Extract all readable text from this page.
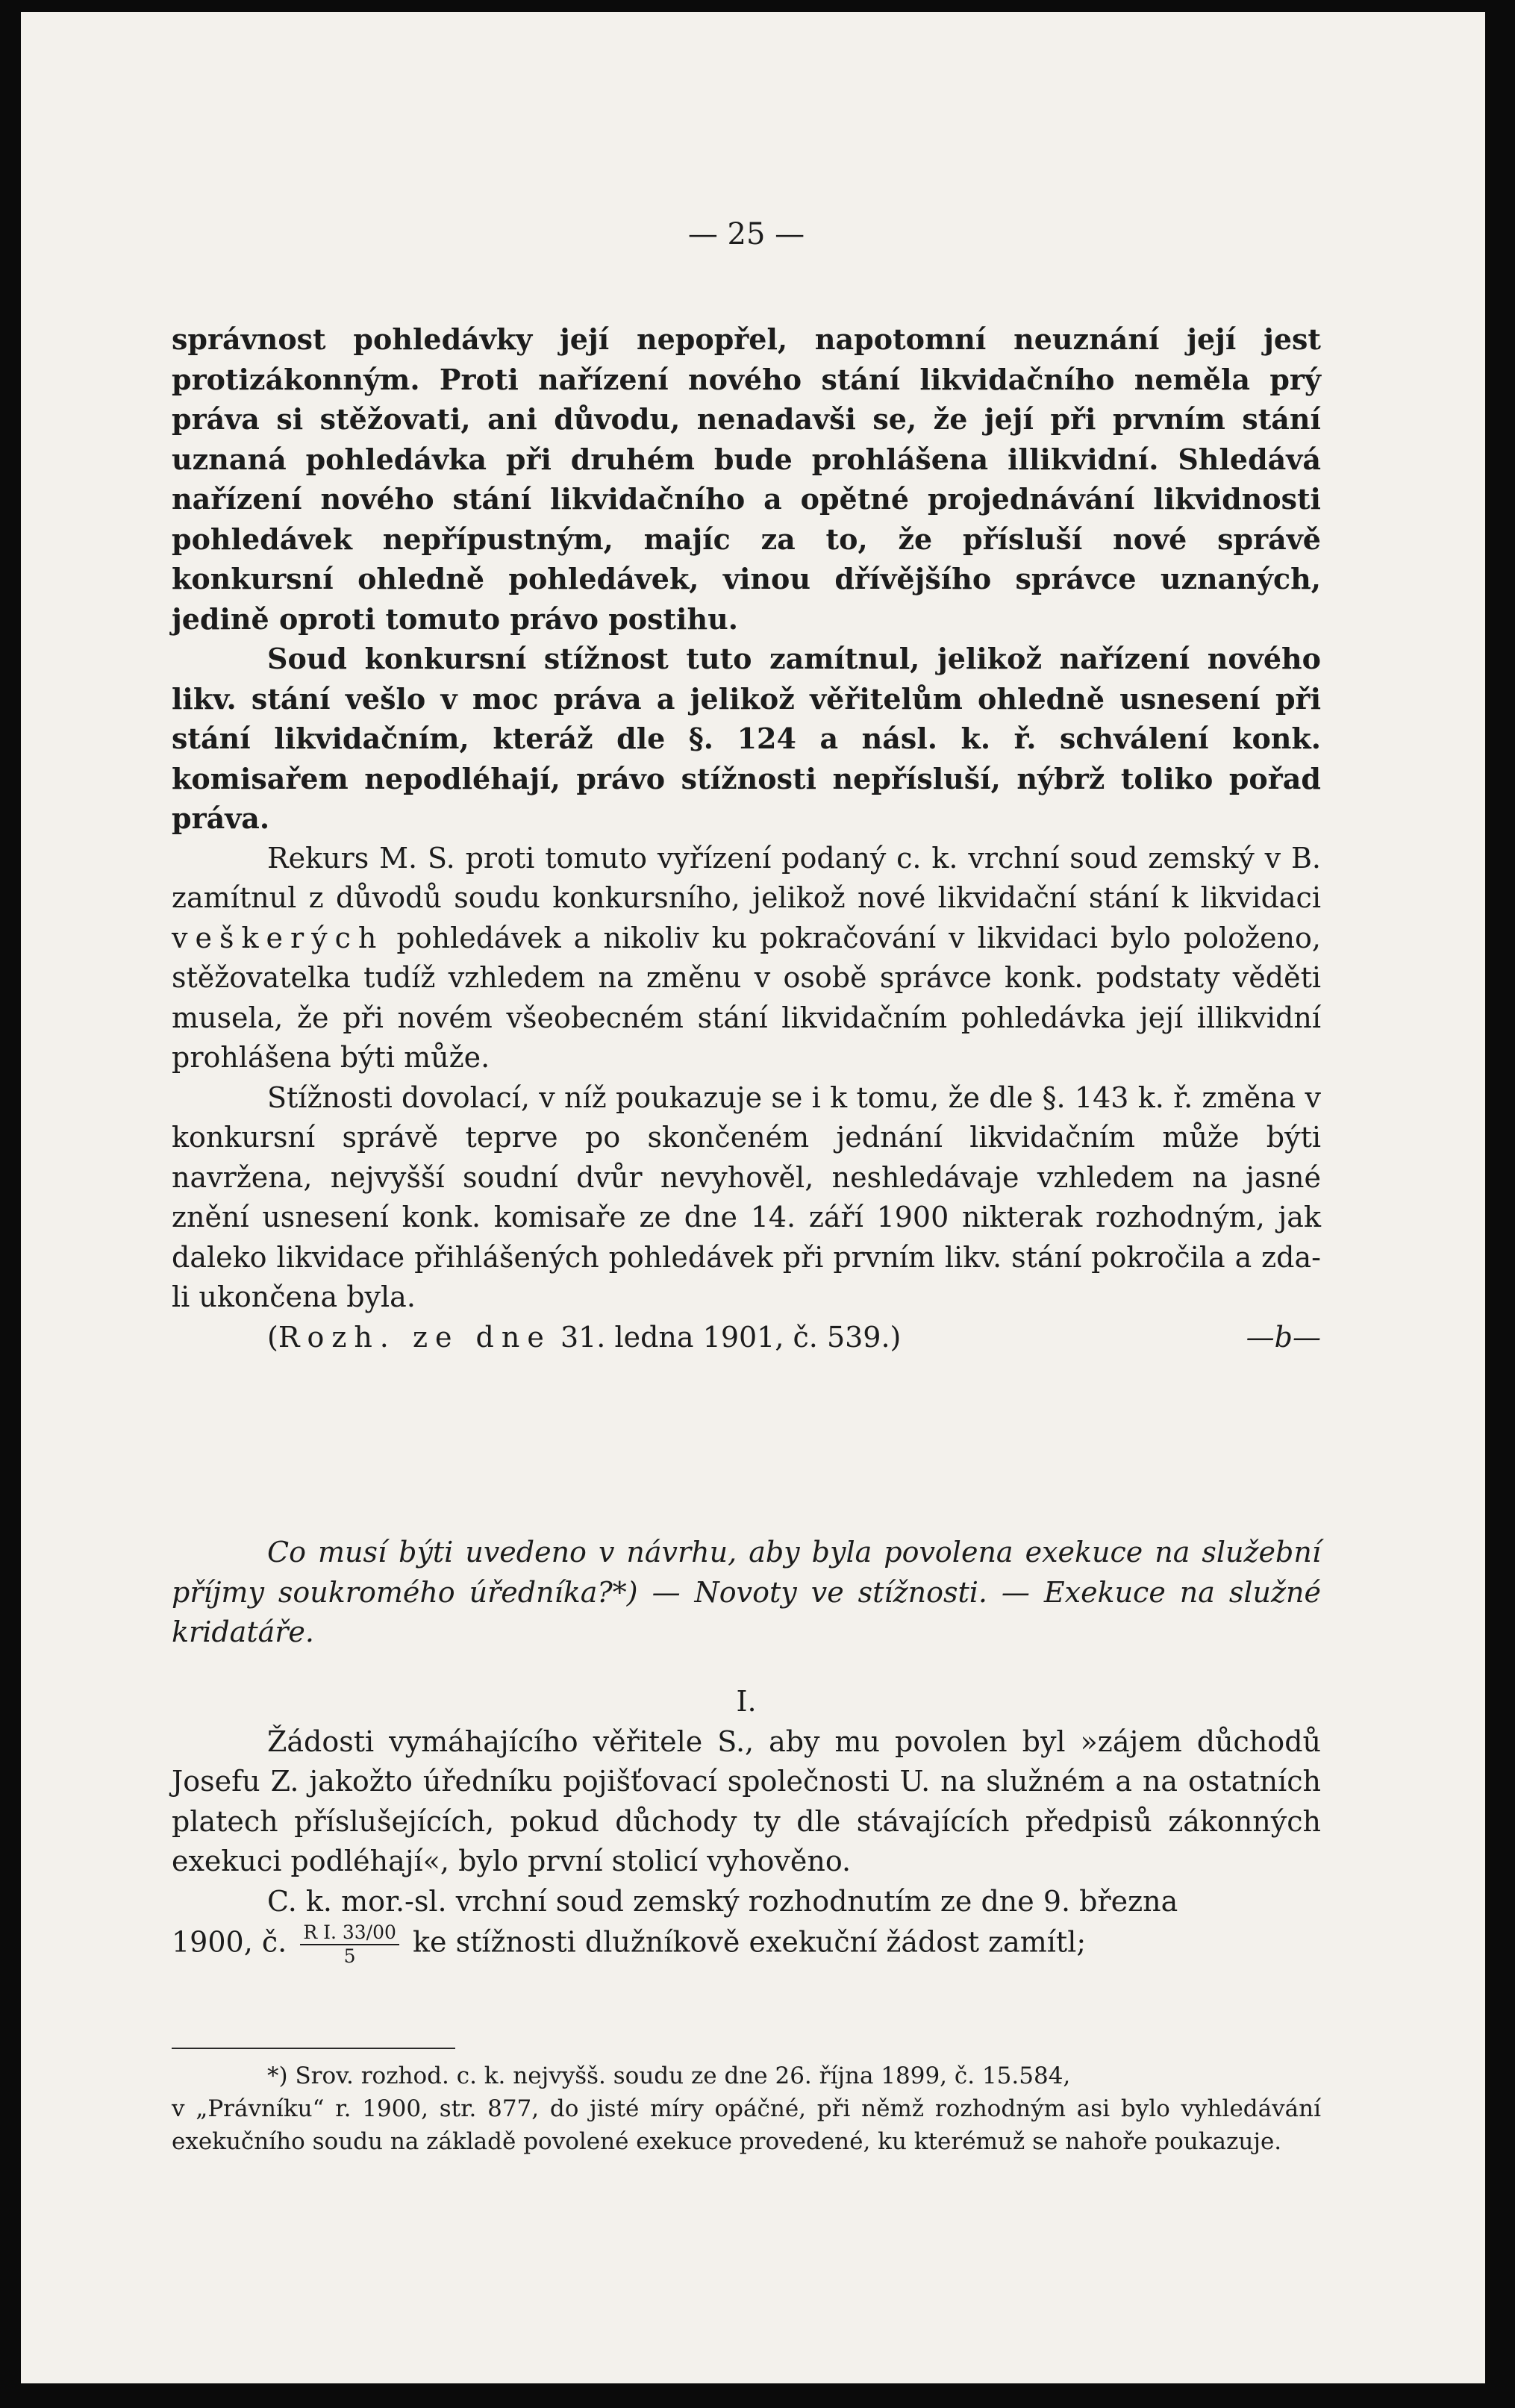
— 25 —

správnost pohledávky její nepopřel, napotomní neuznání její jest protizákonným. Proti nařízení nového stání likvidačního neměla prý práva si stěžovati, ani důvodu, nenadavši se, že její při prvním stání uznaná pohledávka při druhém bude prohlášena illikvidní. Shledává nařízení nového stání likvidačního a opětné projednávání likvidnosti pohledávek nepřípustným, majíc za to, že přísluší nové správě konkursní ohledně pohledávek, vinou dřívějšího správce uznaných, jedině oproti tomuto právo postihu.

Soud konkursní stížnost tuto zamítnul, jelikož nařízení nového likv. stání vešlo v moc práva a jelikož věřitelům ohledně usnesení při stání likvidačním, kteráž dle §. 124 a násl. k. ř. schválení konk. komisařem nepodléhají, právo stížnosti nepřísluší, nýbrž toliko pořad práva.

Rekurs M. S. proti tomuto vyřízení podaný c. k. vrchní soud zemský v B. zamítnul z důvodů soudu konkursního, jelikož nové likvidační stání k likvidaci veškerých pohledávek a nikoliv ku pokračování v likvidaci bylo položeno, stěžovatelka tudíž vzhledem na změnu v osobě správce konk. podstaty věděti musela, že při novém všeobecném stání likvidačním pohledávka její illikvidní prohlášena býti může.

Stížnosti dovolací, v níž poukazuje se i k tomu, že dle §. 143 k. ř. změna v konkursní správě teprve po skončeném jednání likvidačním může býti navržena, nejvyšší soudní dvůr nevyhověl, neshledávaje vzhledem na jasné znění usnesení konk. komisaře ze dne 14. září 1900 nikterak rozhodným, jak daleko likvidace přihlášených pohledávek při prvním likv. stání pokročila a zda-li ukončena byla.

(Rozh. ze dne 31. ledna 1901, č. 539.)	—b—

Co musí býti uvedeno v návrhu, aby byla povolena exekuce na služební příjmy soukromého úředníka?*) — Novoty ve stížnosti. — Exekuce na služné kridatáře.

I.

Žádosti vymáhajícího věřitele S., aby mu povolen byl »zájem důchodů Josefu Z. jakožto úředníku pojišťovací společnosti U. na služném a na ostatních platech příslušejících, pokud důchody ty dle stávajících předpisů zákonných exekuci podléhají«, bylo první stolicí vyhověno.

C. k. mor.-sl. vrchní soud zemský rozhodnutím ze dne 9. března

1900, č. $\frac{\text{R I. 33/00}}{5}$ ke stížnosti dlužníkově exekuční žádost zamítl;

*) Srov. rozhod. c. k. nejvyšš. soudu ze dne 26. října 1899, č. 15.584,

v „Právníku“ r. 1900, str. 877, do jisté míry opáčné, při němž rozhodným asi bylo vyhledávání exekučního soudu na základě povolené exekuce provedené, ku kterémuž se nahoře poukazuje.
